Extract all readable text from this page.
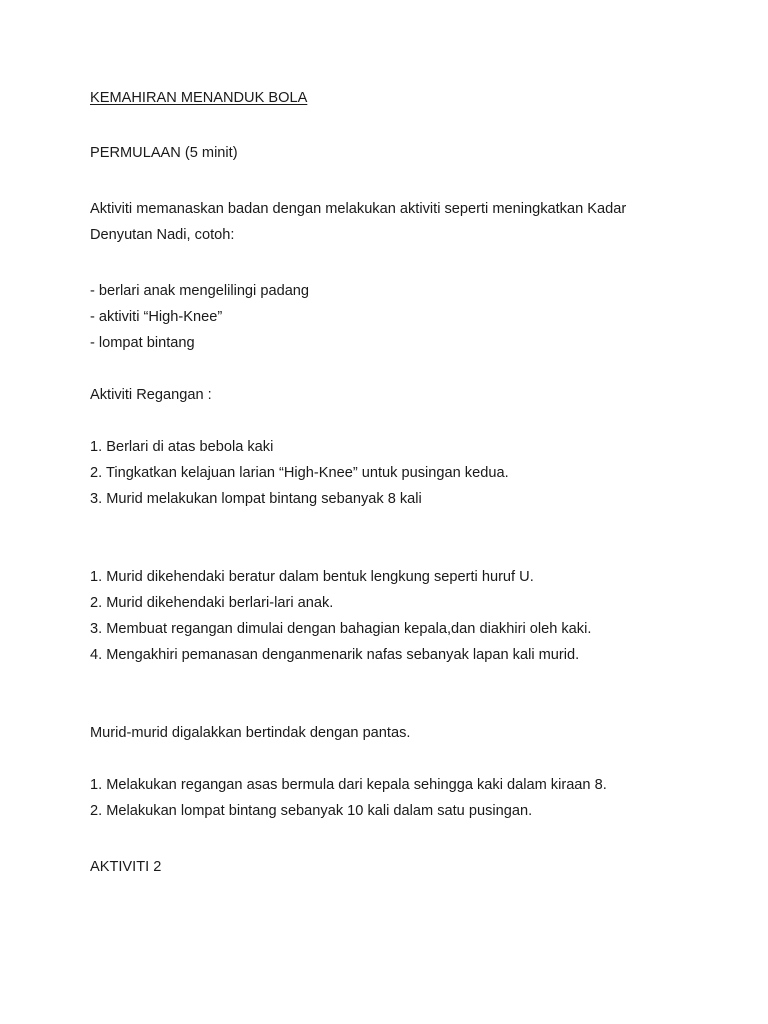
KEMAHIRAN MENANDUK BOLA
PERMULAAN (5 minit)
Aktiviti memanaskan badan dengan melakukan aktiviti seperti meningkatkan Kadar
Denyutan Nadi, cotoh:
- berlari anak mengelilingi padang
- aktiviti “High-Knee”
- lompat bintang
Aktiviti Regangan :
1. Berlari di atas bebola kaki
2. Tingkatkan kelajuan larian “High-Knee” untuk pusingan kedua.
3. Murid melakukan lompat bintang sebanyak 8 kali
1. Murid dikehendaki beratur dalam bentuk lengkung seperti huruf U.
2. Murid dikehendaki berlari-lari anak.
3. Membuat regangan dimulai dengan bahagian kepala,dan diakhiri oleh kaki.
4. Mengakhiri pemanasan denganmenarik nafas sebanyak lapan kali murid.
Murid-murid digalakkan bertindak dengan pantas.
1. Melakukan regangan asas bermula dari kepala sehingga kaki dalam kiraan 8.
2. Melakukan lompat bintang sebanyak 10 kali dalam satu pusingan.
AKTIVITI 2
